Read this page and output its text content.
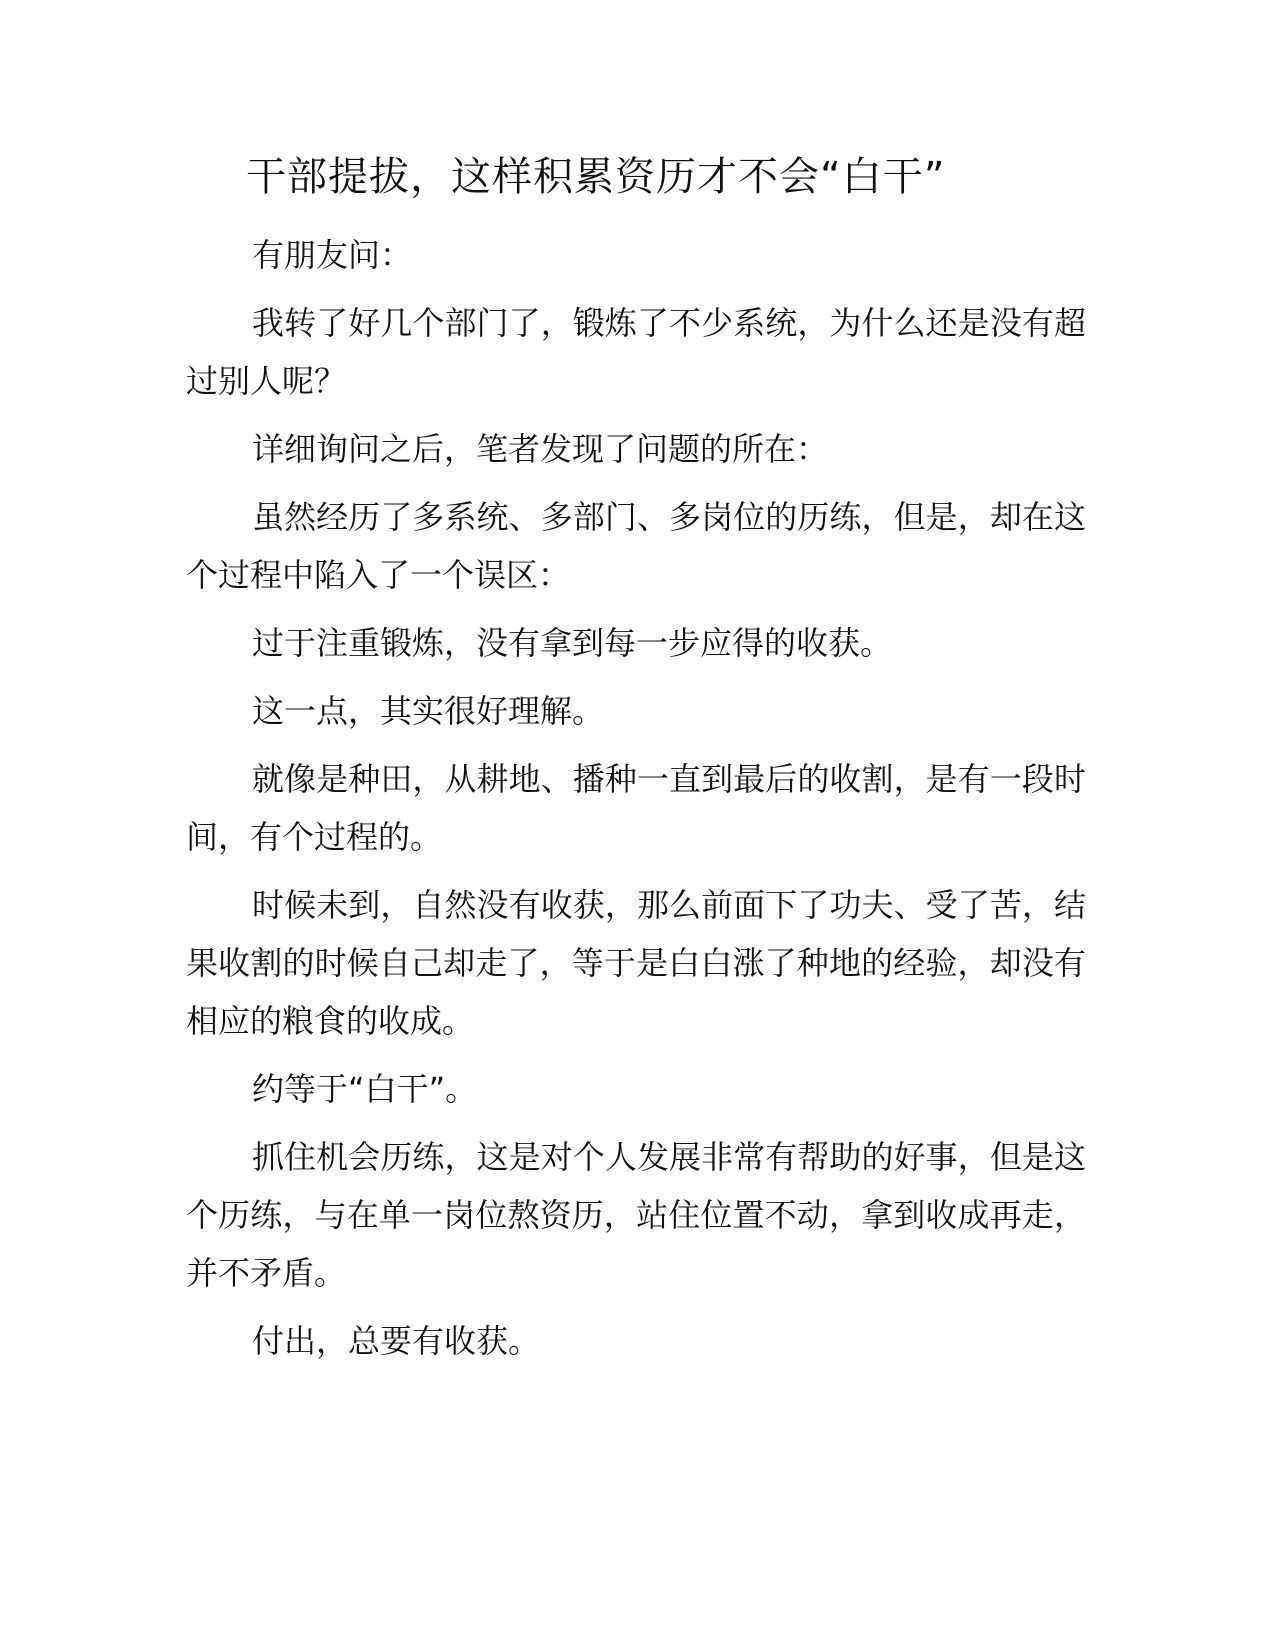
干部提拔，这样积累资历才不会“白干”

有朋友问：

我转了好几个部门了，锻炼了不少系统，为什么还是没有超过别人呢？

详细询问之后，笔者发现了问题的所在：

虽然经历了多系统、多部门、多岗位的历练，但是，却在这个过程中陷入了一个误区：

过于注重锻炼，没有拿到每一步应得的收获。

这一点，其实很好理解。

就像是种田，从耕地、播种一直到最后的收割，是有一段时间，有个过程的。

时候未到，自然没有收获，那么前面下了功夫、受了苦，结果收割的时候自己却走了，等于是白白涨了种地的经验，却没有相应的粮食的收成。

约等于“白干”。

抓住机会历练，这是对个人发展非常有帮助的好事，但是这个历练，与在单一岗位熬资历，站住位置不动，拿到收成再走，并不矛盾。

付出，总要有收获。
